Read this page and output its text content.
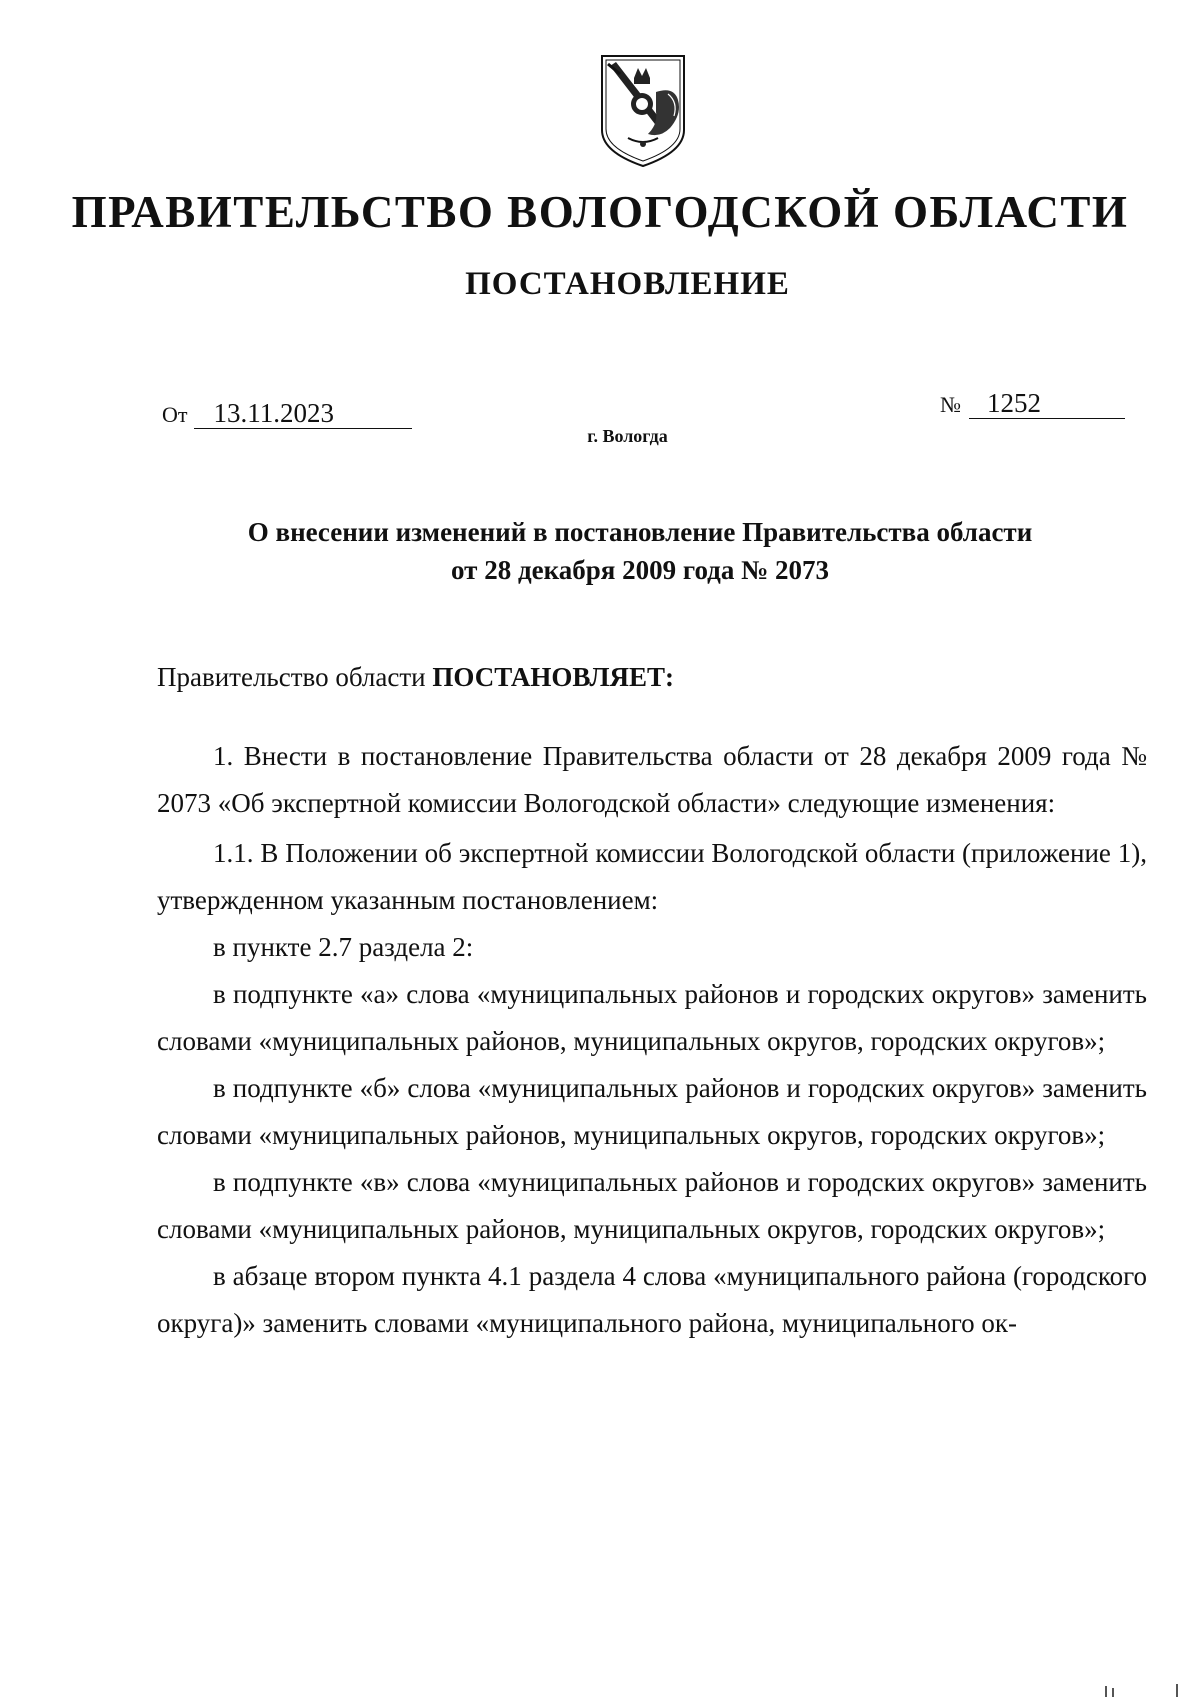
ПРАВИТЕЛЬСТВО ВОЛОГОДСКОЙ ОБЛАСТИ
ПОСТАНОВЛЕНИЕ
От 13.11.2023	№ 1252
г. Вологда
О внесении изменений в постановление Правительства области
от 28 декабря 2009 года № 2073
Правительство области ПОСТАНОВЛЯЕТ:

1. Внести в постановление Правительства области от 28 декабря 2009 года № 2073 «Об экспертной комиссии Вологодской области» следующие изменения:

1.1. В Положении об экспертной комиссии Вологодской области (приложение 1), утвержденном указанным постановлением:

в пункте 2.7 раздела 2:

в подпункте «а» слова «муниципальных районов и городских округов» заменить словами «муниципальных районов, муниципальных округов, городских округов»;

в подпункте «б» слова «муниципальных районов и городских округов» заменить словами «муниципальных районов, муниципальных округов, городских округов»;

в подпункте «в» слова «муниципальных районов и городских округов» заменить словами «муниципальных районов, муниципальных округов, городских округов»;

в абзаце втором пункта 4.1 раздела 4 слова «муниципального района (городского округа)» заменить словами «муниципального района, муниципального ок-
